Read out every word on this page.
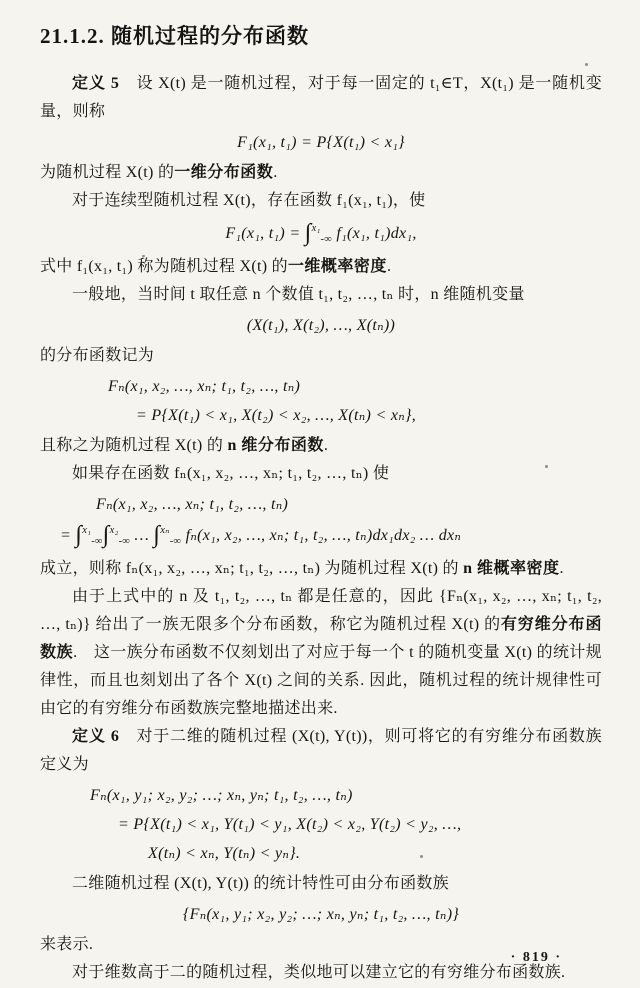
21.1.2. 随机过程的分布函数

定义 5　设 X(t) 是一随机过程，对于每一固定的 t₁∈T，X(t₁) 是一随机变量，则称

F₁(x₁, t₁) = P{X(t₁) < x₁}

为随机过程 X(t) 的一维分布函数.

对于连续型随机过程 X(t)，存在函数 f₁(x₁, t₁)，使

F₁(x₁, t₁) = ∫$^{x_1}_{-\infty}$ f₁(x₁, t₁)dx₁,

式中 f₁(x₁, t₁) 称为随机过程 X(t) 的一维概率密度.

一般地，当时间 t 取任意 n 个数值 t₁, t₂, …, tₙ 时，n 维随机变量

(X(t₁), X(t₂), …, X(tₙ))

的分布函数记为

Fₙ(x₁, x₂, …, xₙ; t₁, t₂, …, tₙ)
= P{X(t₁) < x₁, X(t₂) < x₂, …, X(tₙ) < xₙ},

且称之为随机过程 X(t) 的 n 维分布函数.

如果存在函数 fₙ(x₁, x₂, …, xₙ; t₁, t₂, …, tₙ) 使

Fₙ(x₁, x₂, …, xₙ; t₁, t₂, …, tₙ)
= ∫$^{x_1}_{-\infty}$∫$^{x_2}_{-\infty}$ … ∫$^{x_n}_{-\infty}$ fₙ(x₁, x₂, …, xₙ; t₁, t₂, …, tₙ)dx₁dx₂ … dxₙ

成立，则称 fₙ(x₁, x₂, …, xₙ; t₁, t₂, …, tₙ) 为随机过程 X(t) 的 n 维概率密度.

由于上式中的 n 及 t₁, t₂, …, tₙ 都是任意的，因此 {Fₙ(x₁, x₂, …, xₙ; t₁, t₂, …, tₙ)} 给出了一族无限多个分布函数，称它为随机过程 X(t) 的有穷维分布函数族.　这一族分布函数不仅刻划出了对应于每一个 t 的随机变量 X(t) 的统计规律性，而且也刻划出了各个 X(t) 之间的关系. 因此，随机过程的统计规律性可由它的有穷维分布函数族完整地描述出来.

定义 6　对于二维的随机过程 (X(t), Y(t))，则可将它的有穷维分布函数族定义为

Fₙ(x₁, y₁; x₂, y₂; …; xₙ, yₙ; t₁, t₂, …, tₙ)
= P{X(t₁) < x₁, Y(t₁) < y₁, X(t₂) < x₂, Y(t₂) < y₂, …,
X(tₙ) < xₙ, Y(tₙ) < yₙ}.

二维随机过程 (X(t), Y(t)) 的统计特性可由分布函数族

{Fₙ(x₁, y₁; x₂, y₂; …; xₙ, yₙ; t₁, t₂, …, tₙ)}

来表示.

对于维数高于二的随机过程，类似地可以建立它的有穷维分布函数族.

· 819 ·
